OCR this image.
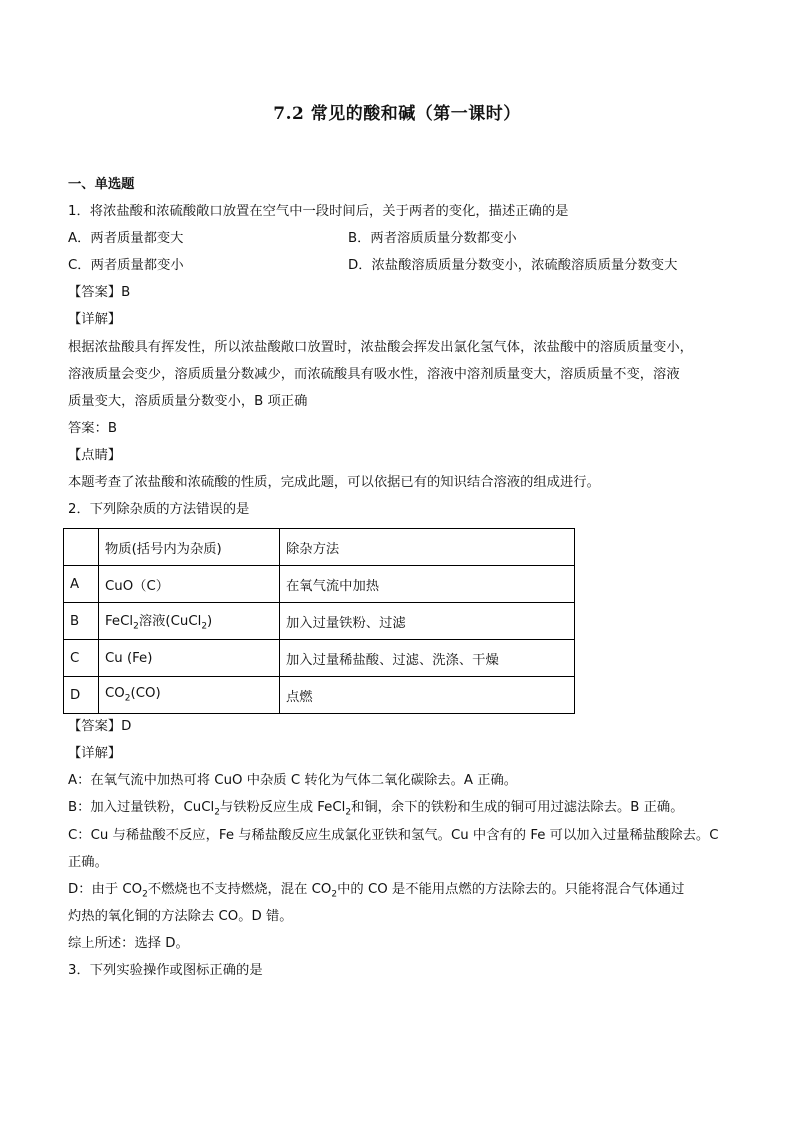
7.2 常见的酸和碱（第一课时）
一、单选题
1．将浓盐酸和浓硫酸敞口放置在空气中一段时间后，关于两者的变化，描述正确的是
A．两者质量都变大	B．两者溶质质量分数都变小
C．两者质量都变小	D．浓盐酸溶质质量分数变小，浓硫酸溶质质量分数变大
【答案】B
【详解】
根据浓盐酸具有挥发性，所以浓盐酸敞口放置时，浓盐酸会挥发出氯化氢气体，浓盐酸中的溶质质量变小，
溶液质量会变少，溶质质量分数减少，而浓硫酸具有吸水性，溶液中溶剂质量变大，溶质质量不变，溶液
质量变大，溶质质量分数变小，B 项正确
答案：B
【点睛】
本题考查了浓盐酸和浓硫酸的性质，完成此题，可以依据已有的知识结合溶液的组成进行。
2．下列除杂质的方法错误的是
	物质(括号内为杂质)	除杂方法
A	CuO（C）	在氧气流中加热
B	FeCl$_2$溶液(CuCl$_2$)	加入过量铁粉、过滤
C	Cu (Fe)	加入过量稀盐酸、过滤、洗涤、干燥
D	$CO_2(CO)$	点燃
【答案】D
【详解】
A：在氧气流中加热可将 CuO 中杂质 C 转化为气体二氧化碳除去。A 正确。
B：加入过量铁粉，CuCl$_2$与铁粉反应生成 FeCl$_2$和铜，余下的铁粉和生成的铜可用过滤法除去。B 正确。
C：Cu 与稀盐酸不反应，Fe 与稀盐酸反应生成氯化亚铁和氢气。Cu 中含有的 Fe 可以加入过量稀盐酸除去。C
正确。
D：由于 $CO_2$不燃烧也不支持燃烧，混在 $CO_2$中的 CO 是不能用点燃的方法除去的。只能将混合气体通过
灼热的氧化铜的方法除去 CO。D 错。
综上所述：选择 D。
3．下列实验操作或图标正确的是
